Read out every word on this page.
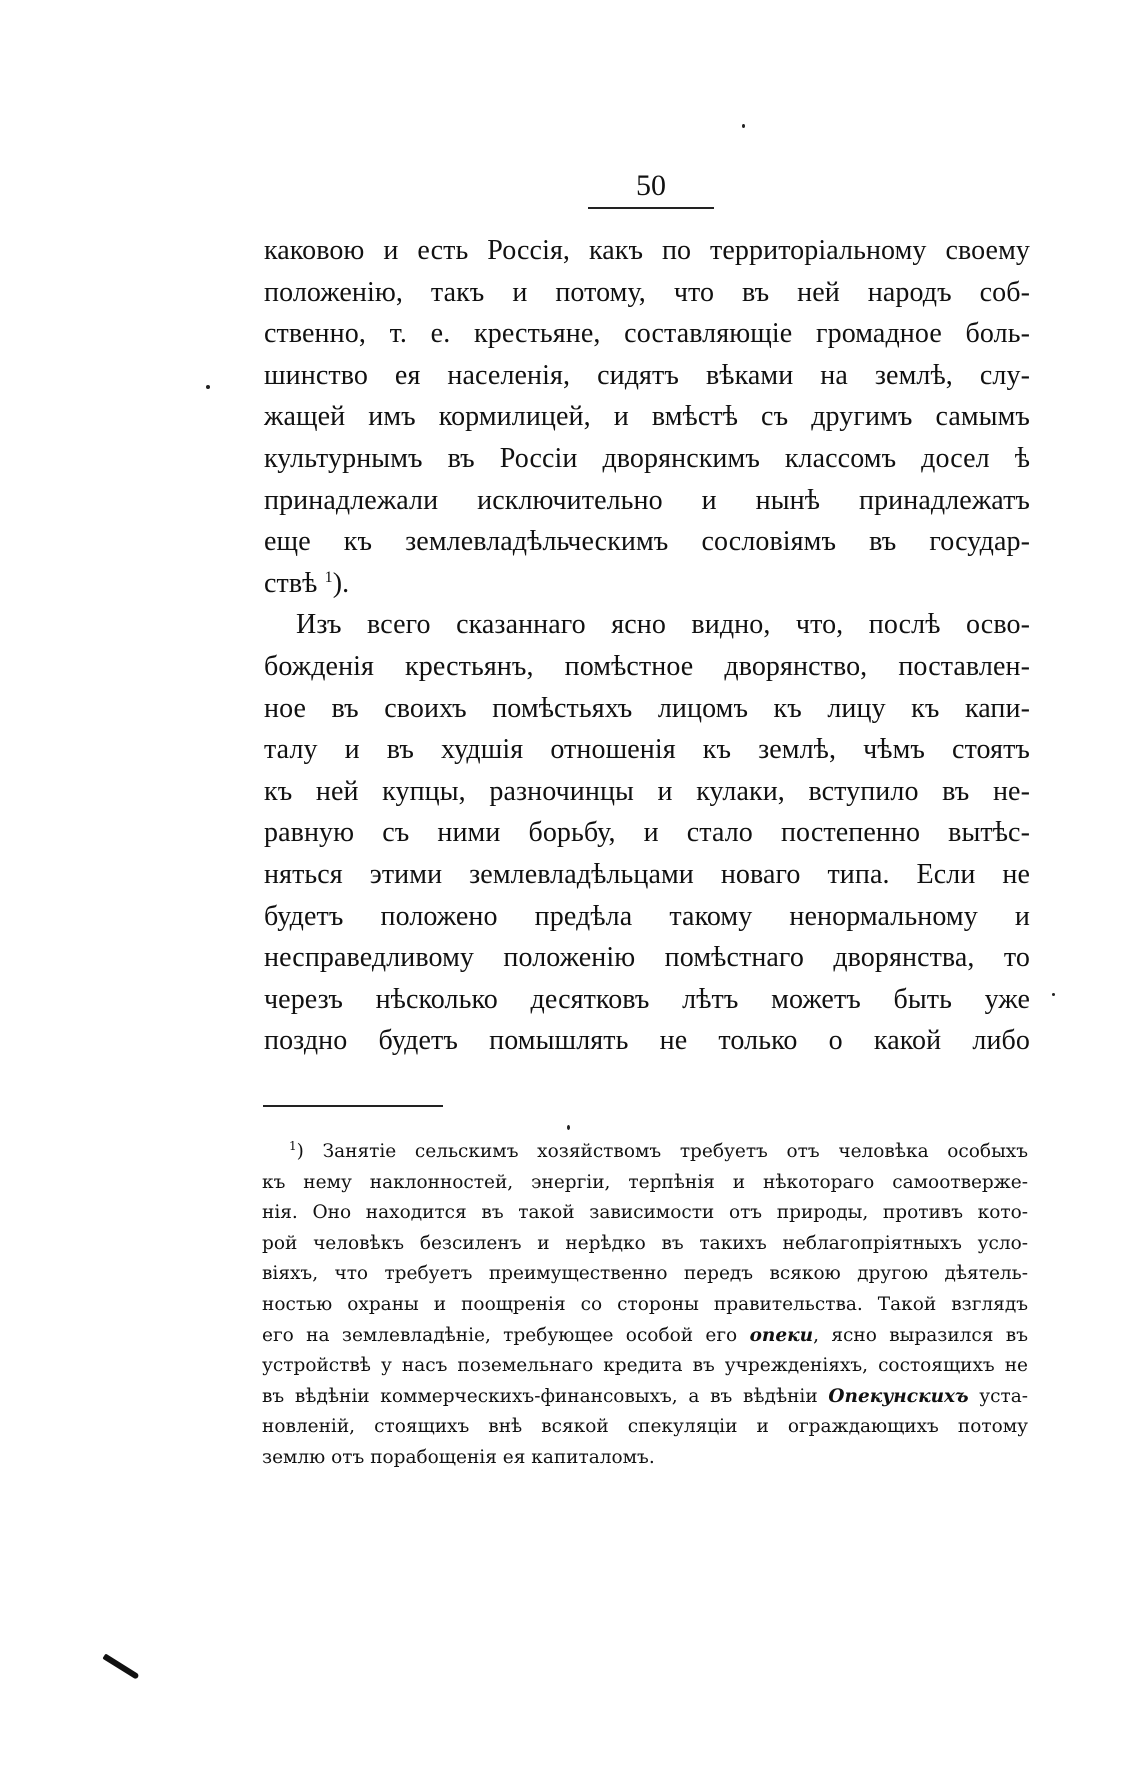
50
каковою и есть Россія, какъ по территоріальному своему
положенію, такъ и потому, что въ ней народъ соб-
ственно, т. е. крестьяне, составляющіе громадное боль-
шинство ея населенія, сидятъ вѣками на землѣ, слу-
жащей имъ кормилицей, и вмѣстѣ съ другимъ самымъ
культурнымъ въ Россіи дворянскимъ классомъ досел ѣ
принадлежали исключительно и нынѣ принадлежатъ
еще къ землевладѣльческимъ сословіямъ въ государ-
ствѣ $^1$).
Изъ всего сказаннаго ясно видно, что, послѣ осво-
божденія крестьянъ, помѣстное дворянство, поставлен-
ное въ своихъ помѣстьяхъ лицомъ къ лицу къ капи-
талу и въ худшія отношенія къ землѣ, чѣмъ стоятъ
къ ней купцы, разночинцы и кулаки, вступило въ не-
равную съ ними борьбу, и стало постепенно вытѣс-
няться этими землевладѣльцами новаго типа. Если не
будетъ положено предѣла такому ненормальному и
несправедливому положенію помѣстнаго дворянства, то
черезъ нѣсколько десятковъ лѣтъ можетъ быть уже
поздно будетъ помышлять не только о какой либо
$^1$) Занятіе сельскимъ хозяйствомъ требуетъ отъ человѣка особыхъ
къ нему наклонностей, энергіи, терпѣнія и нѣкотораго самоотверже-
нія. Оно находится въ такой зависимости отъ природы, противъ кото-
рой человѣкъ безсиленъ и нерѣдко въ такихъ неблагопріятныхъ усло-
віяхъ, что требуетъ преимущественно передъ всякою другою дѣятель-
ностью охраны и поощренія со стороны правительства. Такой взглядъ
его на землевладѣніе, требующее особой его опеки, ясно выразился въ
устройствѣ у насъ поземельнаго кредита въ учрежденіяхъ, состоящихъ не
въ вѣдѣніи коммерческихъ-финансовыхъ, а въ вѣдѣніи Опекунскихъ уста-
новленій, стоящихъ внѣ всякой спекуляціи и ограждающихъ потому
землю отъ порабощенія ея капиталомъ.
